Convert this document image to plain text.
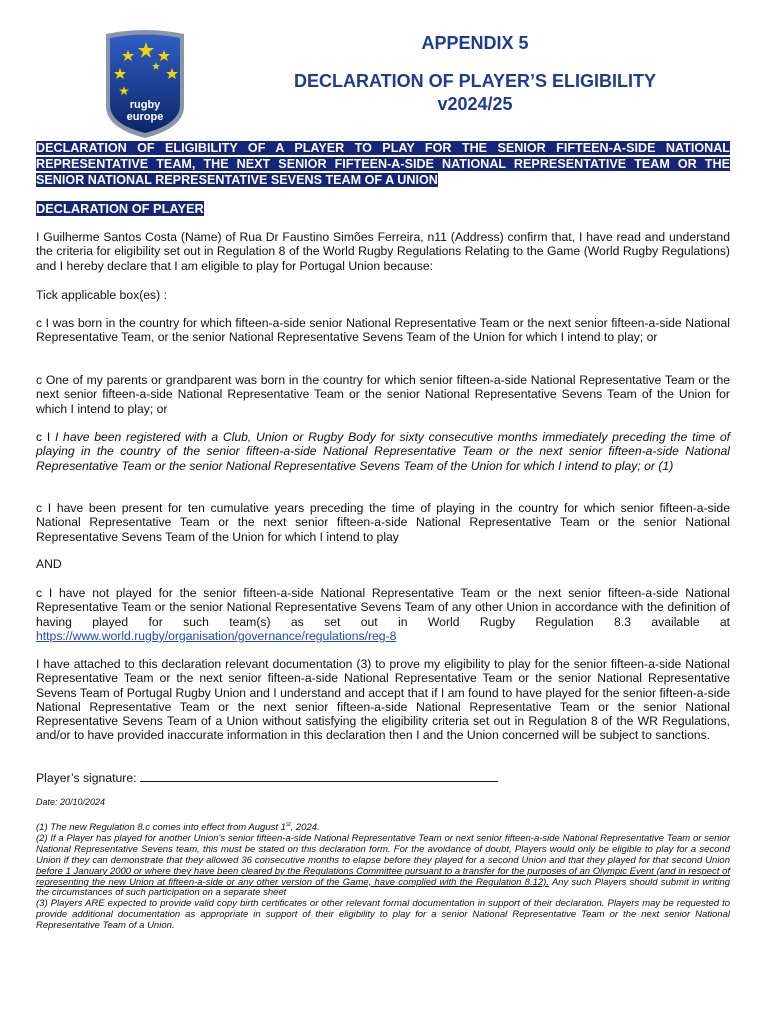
rugby
europe
APPENDIX 5
DECLARATION OF PLAYER’S ELIGIBILITY
v2024/25
DECLARATION OF ELIGIBILITY OF A PLAYER TO PLAY FOR THE SENIOR FIFTEEN-A-SIDE NATIONAL REPRESENTATIVE TEAM, THE NEXT SENIOR FIFTEEN-A-SIDE NATIONAL REPRESENTATIVE TEAM OR THE SENIOR NATIONAL REPRESENTATIVE SEVENS TEAM OF A UNION
DECLARATION OF PLAYER

I Guilherme Santos Costa (Name) of Rua Dr Faustino Simões Ferreira, n11 (Address) confirm that, I have read and understand the criteria for eligibility set out in Regulation 8 of the World Rugby Regulations Relating to the Game (World Rugby Regulations) and I hereby declare that I am eligible to play for Portugal Union because:

Tick applicable box(es) :

c I was born in the country for which fifteen-a-side senior National Representative Team or the next senior fifteen-a-side National Representative Team, or the senior National Representative Sevens Team of the Union for which I intend to play; or

c One of my parents or grandparent was born in the country for which senior fifteen-a-side National Representative Team or the next senior fifteen-a-side National Representative Team or the senior National Representative Sevens Team of the Union for which I intend to play; or

c I I have been registered with a Club, Union or Rugby Body for sixty consecutive months immediately preceding the time of playing in the country of the senior fifteen-a-side National Representative Team or the next senior fifteen-a-side National Representative Team or the senior National Representative Sevens Team of the Union for which I intend to play; or (1)

c I have been present for ten cumulative years preceding the time of playing in the country for which senior fifteen-a-side National Representative Team or the next senior fifteen-a-side National Representative Team or the senior National Representative Sevens Team of the Union for which I intend to play

AND

c I have not played for the senior fifteen-a-side National Representative Team or the next senior fifteen-a-side National Representative Team or the senior National Representative Sevens Team of any other Union in accordance with the definition of having played for such team(s) as set out in World Rugby Regulation 8.3 available at https://www.world.rugby/organisation/governance/regulations/reg-8

I have attached to this declaration relevant documentation (3) to prove my eligibility to play for the senior fifteen-a-side National Representative Team or the next senior fifteen-a-side National Representative Team or the senior National Representative Sevens Team of Portugal Rugby Union and I understand and accept that if I am found to have played for the senior fifteen-a-side National Representative Team or the next senior fifteen-a-side National Representative Team or the senior National Representative Sevens Team of a Union without satisfying the eligibility criteria set out in Regulation 8 of the WR Regulations, and/or to have provided inaccurate information in this declaration then I and the Union concerned will be subject to sanctions.

Player’s signature:
Date: 20/10/2024

(1) The new Regulation 8.c comes into effect from August 1st, 2024.

(2) If a Player has played for another Union’s senior fifteen-a-side National Representative Team or next senior fifteen-a-side National Representative Team or senior National Representative Sevens team, this must be stated on this declaration form. For the avoidance of doubt, Players would only be eligible to play for a second Union if they can demonstrate that they allowed 36 consecutive months to elapse before they played for a second Union and that they played for that second Union before 1 January 2000 or where they have been cleared by the Regulations Committee pursuant to a transfer for the purposes of an Olympic Event (and in respect of representing the new Union at fifteen-a-side or any other version of the Game, have complied with the Regulation 8.12). Any such Players should submit in writing the circumstances of such participation on a separate sheet

(3) Players ARE expected to provide valid copy birth certificates or other relevant formal documentation in support of their declaration. Players may be requested to provide additional documentation as appropriate in support of their eligibility to play for a senior National Representative Team or the next senior National Representative Team of a Union.
